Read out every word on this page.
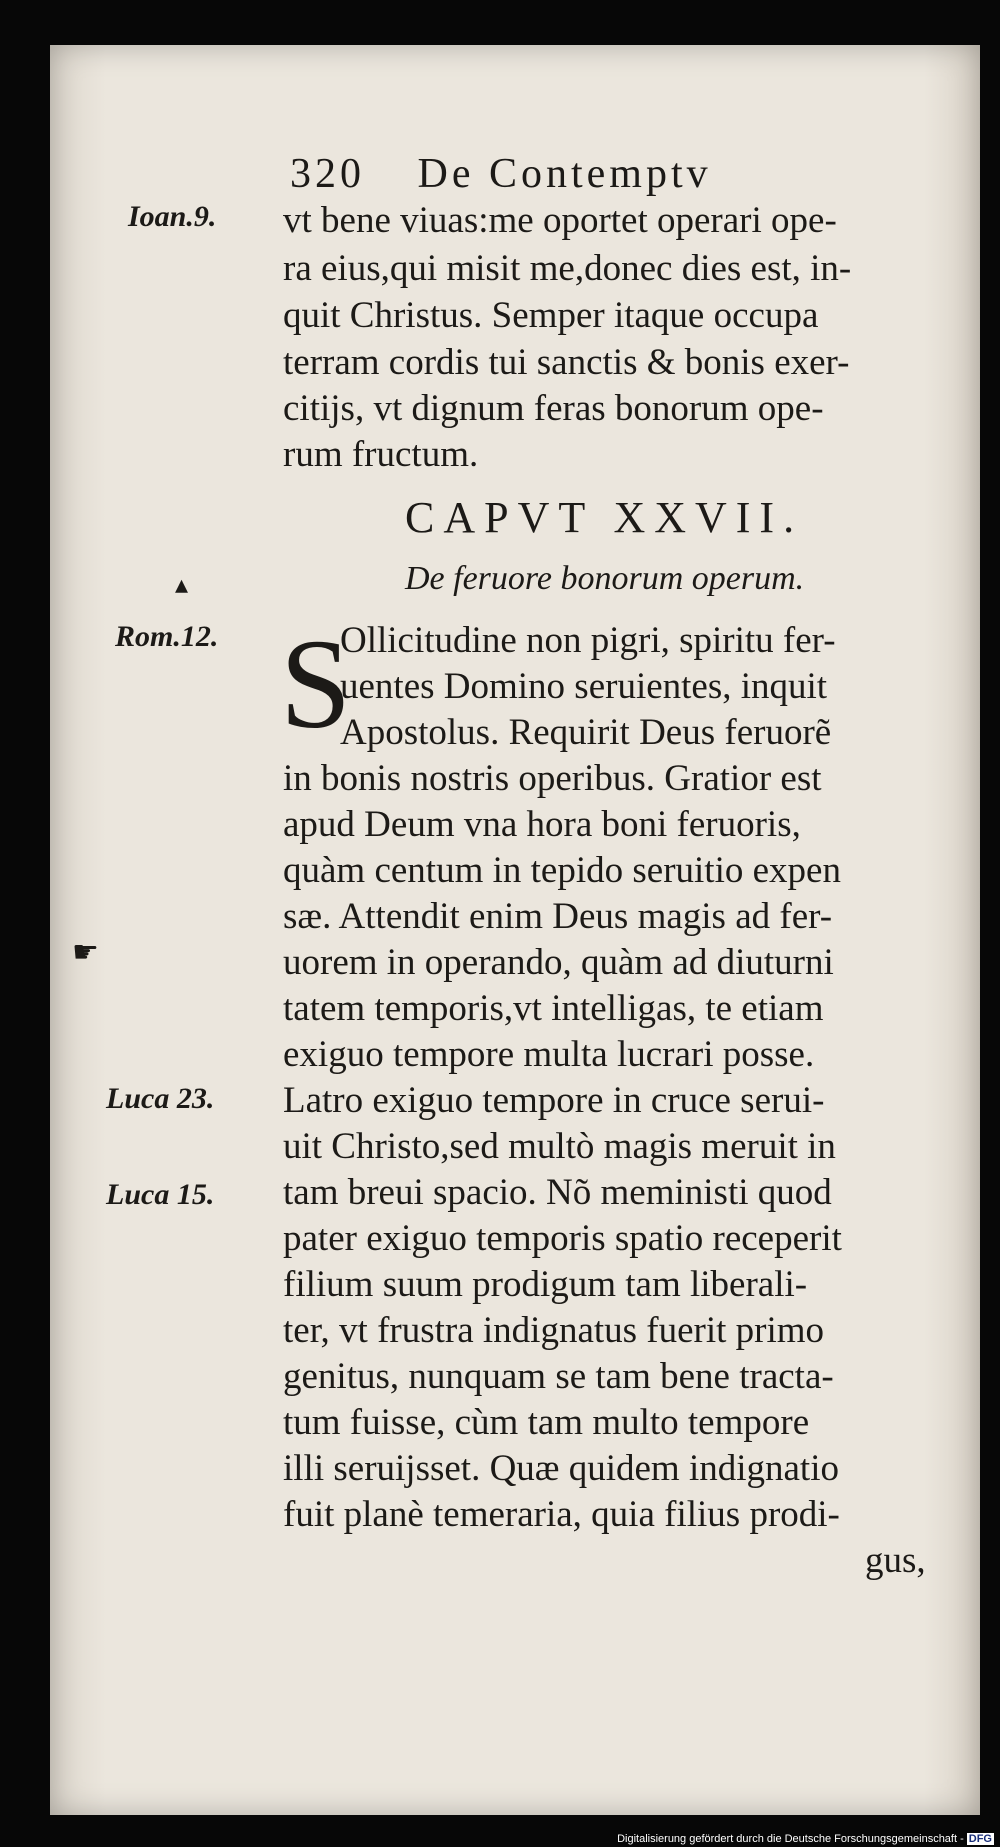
320 De Contemptv
Ioan.9.
Rom.12.
Luca 23.
Luca 15.
▴
☛
vt bene viuas:me oportet operari ope-
ra eius,qui misit me,donec dies est, in-
quit Christus. Semper itaque occupa
terram cordis tui sanctis & bonis exer-
citijs, vt dignum feras bonorum ope-
rum fructum.
CAPVT XXVII.
De feruore bonorum operum.
S
Ollicitudine non pigri, spiritu fer-
uentes Domino seruientes, inquit
Apostolus. Requirit Deus feruorẽ
in bonis nostris operibus. Gratior est
apud Deum vna hora boni feruoris,
quàm centum in tepido seruitio expen
sæ. Attendit enim Deus magis ad fer-
uorem in operando, quàm ad diuturni
tatem temporis,vt intelligas, te etiam
exiguo tempore multa lucrari posse.
Latro exiguo tempore in cruce serui-
uit Christo,sed multò magis meruit in
tam breui spacio. Nõ meministi quod
pater exiguo temporis spatio receperit
filium suum prodigum tam liberali-
ter, vt frustra indignatus fuerit primo
genitus, nunquam se tam bene tracta-
tum fuisse, cùm tam multo tempore
illi seruijsset. Quæ quidem indignatio
fuit planè temeraria, quia filius prodi-
gus,
Digitalisierung gefördert durch die Deutsche Forschungsgemeinschaft - DFG
